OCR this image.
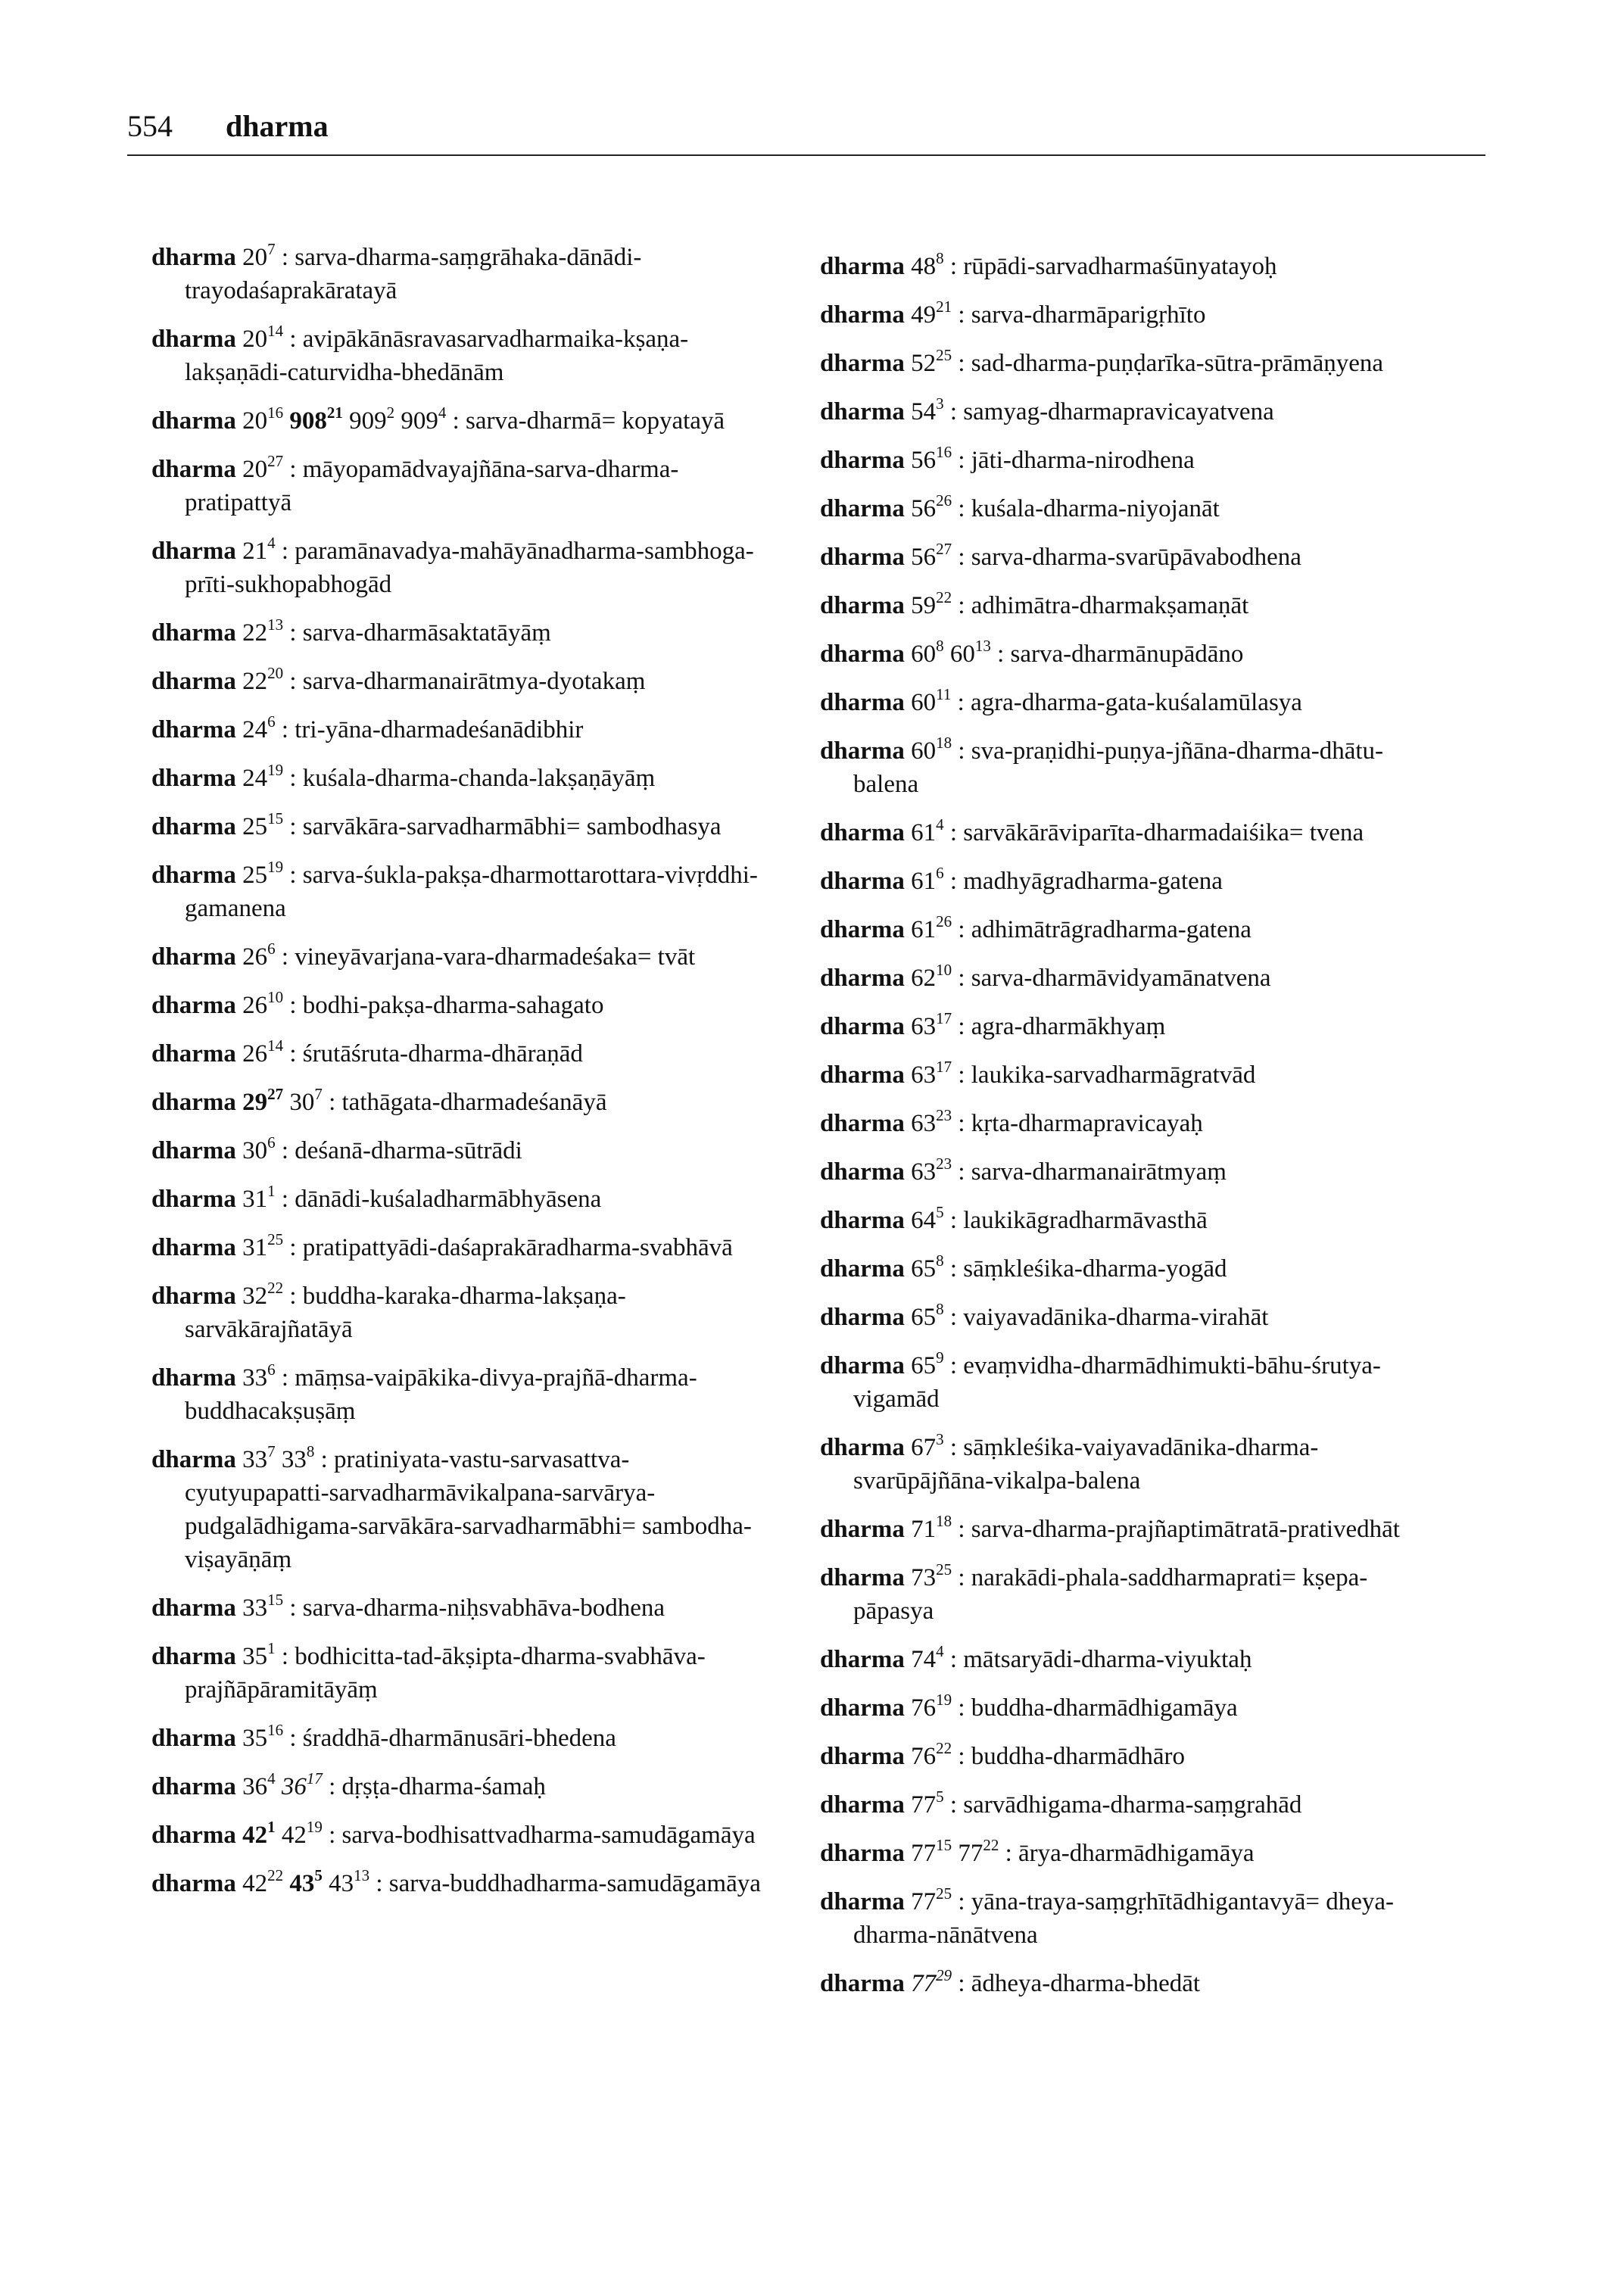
554 dharma
dharma $20^7$ : sarva-dharma-saṃgrāhaka-dānādi-trayodaśaprakāratayā
dharma $20^{14}$ : avipākānāsravasarvadharmaika-kṣaṇa-lakṣaṇādi-caturvidha-bhedānām
dharma $20^{16}$ $908^{21}$ $909^2$ $909^4$ : sarva-dharmā= kopyatayā
dharma $20^{27}$ : māyopamādvayajñāna-sarva-dharma-pratipattyā
dharma $21^4$ : paramānavadya-mahāyānadharma-sambhoga-prīti-sukhopabhogād
dharma $22^{13}$ : sarva-dharmāsaktatāyāṃ
dharma $22^{20}$ : sarva-dharmanairātmya-dyotakaṃ
dharma $24^6$ : tri-yāna-dharmadeśanādibhir
dharma $24^{19}$ : kuśala-dharma-chanda-lakṣaṇāyāṃ
dharma $25^{15}$ : sarvākāra-sarvadharmābhi= sambodhasya
dharma $25^{19}$ : sarva-śukla-pakṣa-dharmottarottara-vivṛddhi-gamanena
dharma $26^6$ : vineyāvarjana-vara-dharmadeśaka= tvāt
dharma $26^{10}$ : bodhi-pakṣa-dharma-sahagato
dharma $26^{14}$ : śrutāśruta-dharma-dhāraṇād
dharma $29^{27}$ $30^7$ : tathāgata-dharmadeśanāyā
dharma $30^6$ : deśanā-dharma-sūtrādi
dharma $31^1$ : dānādi-kuśaladharmābhyāsena
dharma $31^{25}$ : pratipattyādi-daśaprakāradharma-svabhāvā
dharma $32^{22}$ : buddha-karaka-dharma-lakṣaṇa-sarvākārajñatāyā
dharma $33^6$ : māṃsa-vaipākika-divya-prajñā-dharma-buddhacakṣuṣāṃ
dharma $33^7$ $33^8$ : pratiniyata-vastu-sarvasattva-cyutyupapatti-sarvadharmāvikalpana-sarvārya-pudgalādhigama-sarvākāra-sarvadharmābhi= sambodha-viṣayāṇāṃ
dharma $33^{15}$ : sarva-dharma-niḥsvabhāva-bodhena
dharma $35^1$ : bodhicitta-tad-ākṣipta-dharma-svabhāva-prajñāpāramitāyāṃ
dharma $35^{16}$ : śraddhā-dharmānusāri-bhedena
dharma $36^4$ $36^{17}$ : dṛṣṭa-dharma-śamaḥ
dharma $42^1$ $42^{19}$ : sarva-bodhisattvadharma-samudāgamāya
dharma $42^{22}$ $43^5$ $43^{13}$ : sarva-buddhadharma-samudāgamāya
dharma $48^8$ : rūpādi-sarvadharmaśūnyatayoḥ
dharma $49^{21}$ : sarva-dharmāparigṛhīto
dharma $52^{25}$ : sad-dharma-puṇḍarīka-sūtra-prāmāṇyena
dharma $54^3$ : samyag-dharmapravicayatvena
dharma $56^{16}$ : jāti-dharma-nirodhena
dharma $56^{26}$ : kuśala-dharma-niyojanāt
dharma $56^{27}$ : sarva-dharma-svarūpāvabodhena
dharma $59^{22}$ : adhimātra-dharmakṣamaṇāt
dharma $60^8$ $60^{13}$ : sarva-dharmānupādāno
dharma $60^{11}$ : agra-dharma-gata-kuśalamūlasya
dharma $60^{18}$ : sva-praṇidhi-puṇya-jñāna-dharma-dhātu-balena
dharma $61^4$ : sarvākārāviparīta-dharmadaiśika= tvena
dharma $61^6$ : madhyāgradharma-gatena
dharma $61^{26}$ : adhimātrāgradharma-gatena
dharma $62^{10}$ : sarva-dharmāvidyamānatvena
dharma $63^{17}$ : agra-dharmākhyaṃ
dharma $63^{17}$ : laukika-sarvadharmāgratvād
dharma $63^{23}$ : kṛta-dharmapravicayaḥ
dharma $63^{23}$ : sarva-dharmanairātmyaṃ
dharma $64^5$ : laukikāgradharmāvasthā
dharma $65^8$ : sāṃkleśika-dharma-yogād
dharma $65^8$ : vaiyavadānika-dharma-virahāt
dharma $65^9$ : evaṃvidha-dharmādhimukti-bāhu-śrutya-vigamād
dharma $67^3$ : sāṃkleśika-vaiyavadānika-dharma-svarūpājñāna-vikalpa-balena
dharma $71^{18}$ : sarva-dharma-prajñaptimātratā-prativedhāt
dharma $73^{25}$ : narakādi-phala-saddharmaprati= kṣepa-pāpasya
dharma $74^4$ : mātsaryādi-dharma-viyuktaḥ
dharma $76^{19}$ : buddha-dharmādhigamāya
dharma $76^{22}$ : buddha-dharmādhāro
dharma $77^5$ : sarvādhigama-dharma-saṃgrahād
dharma $77^{15}$ $77^{22}$ : ārya-dharmādhigamāya
dharma $77^{25}$ : yāna-traya-saṃgṛhītādhigantavyā= dheya-dharma-nānātvena
dharma $77^{29}$ : ādheya-dharma-bhedāt
